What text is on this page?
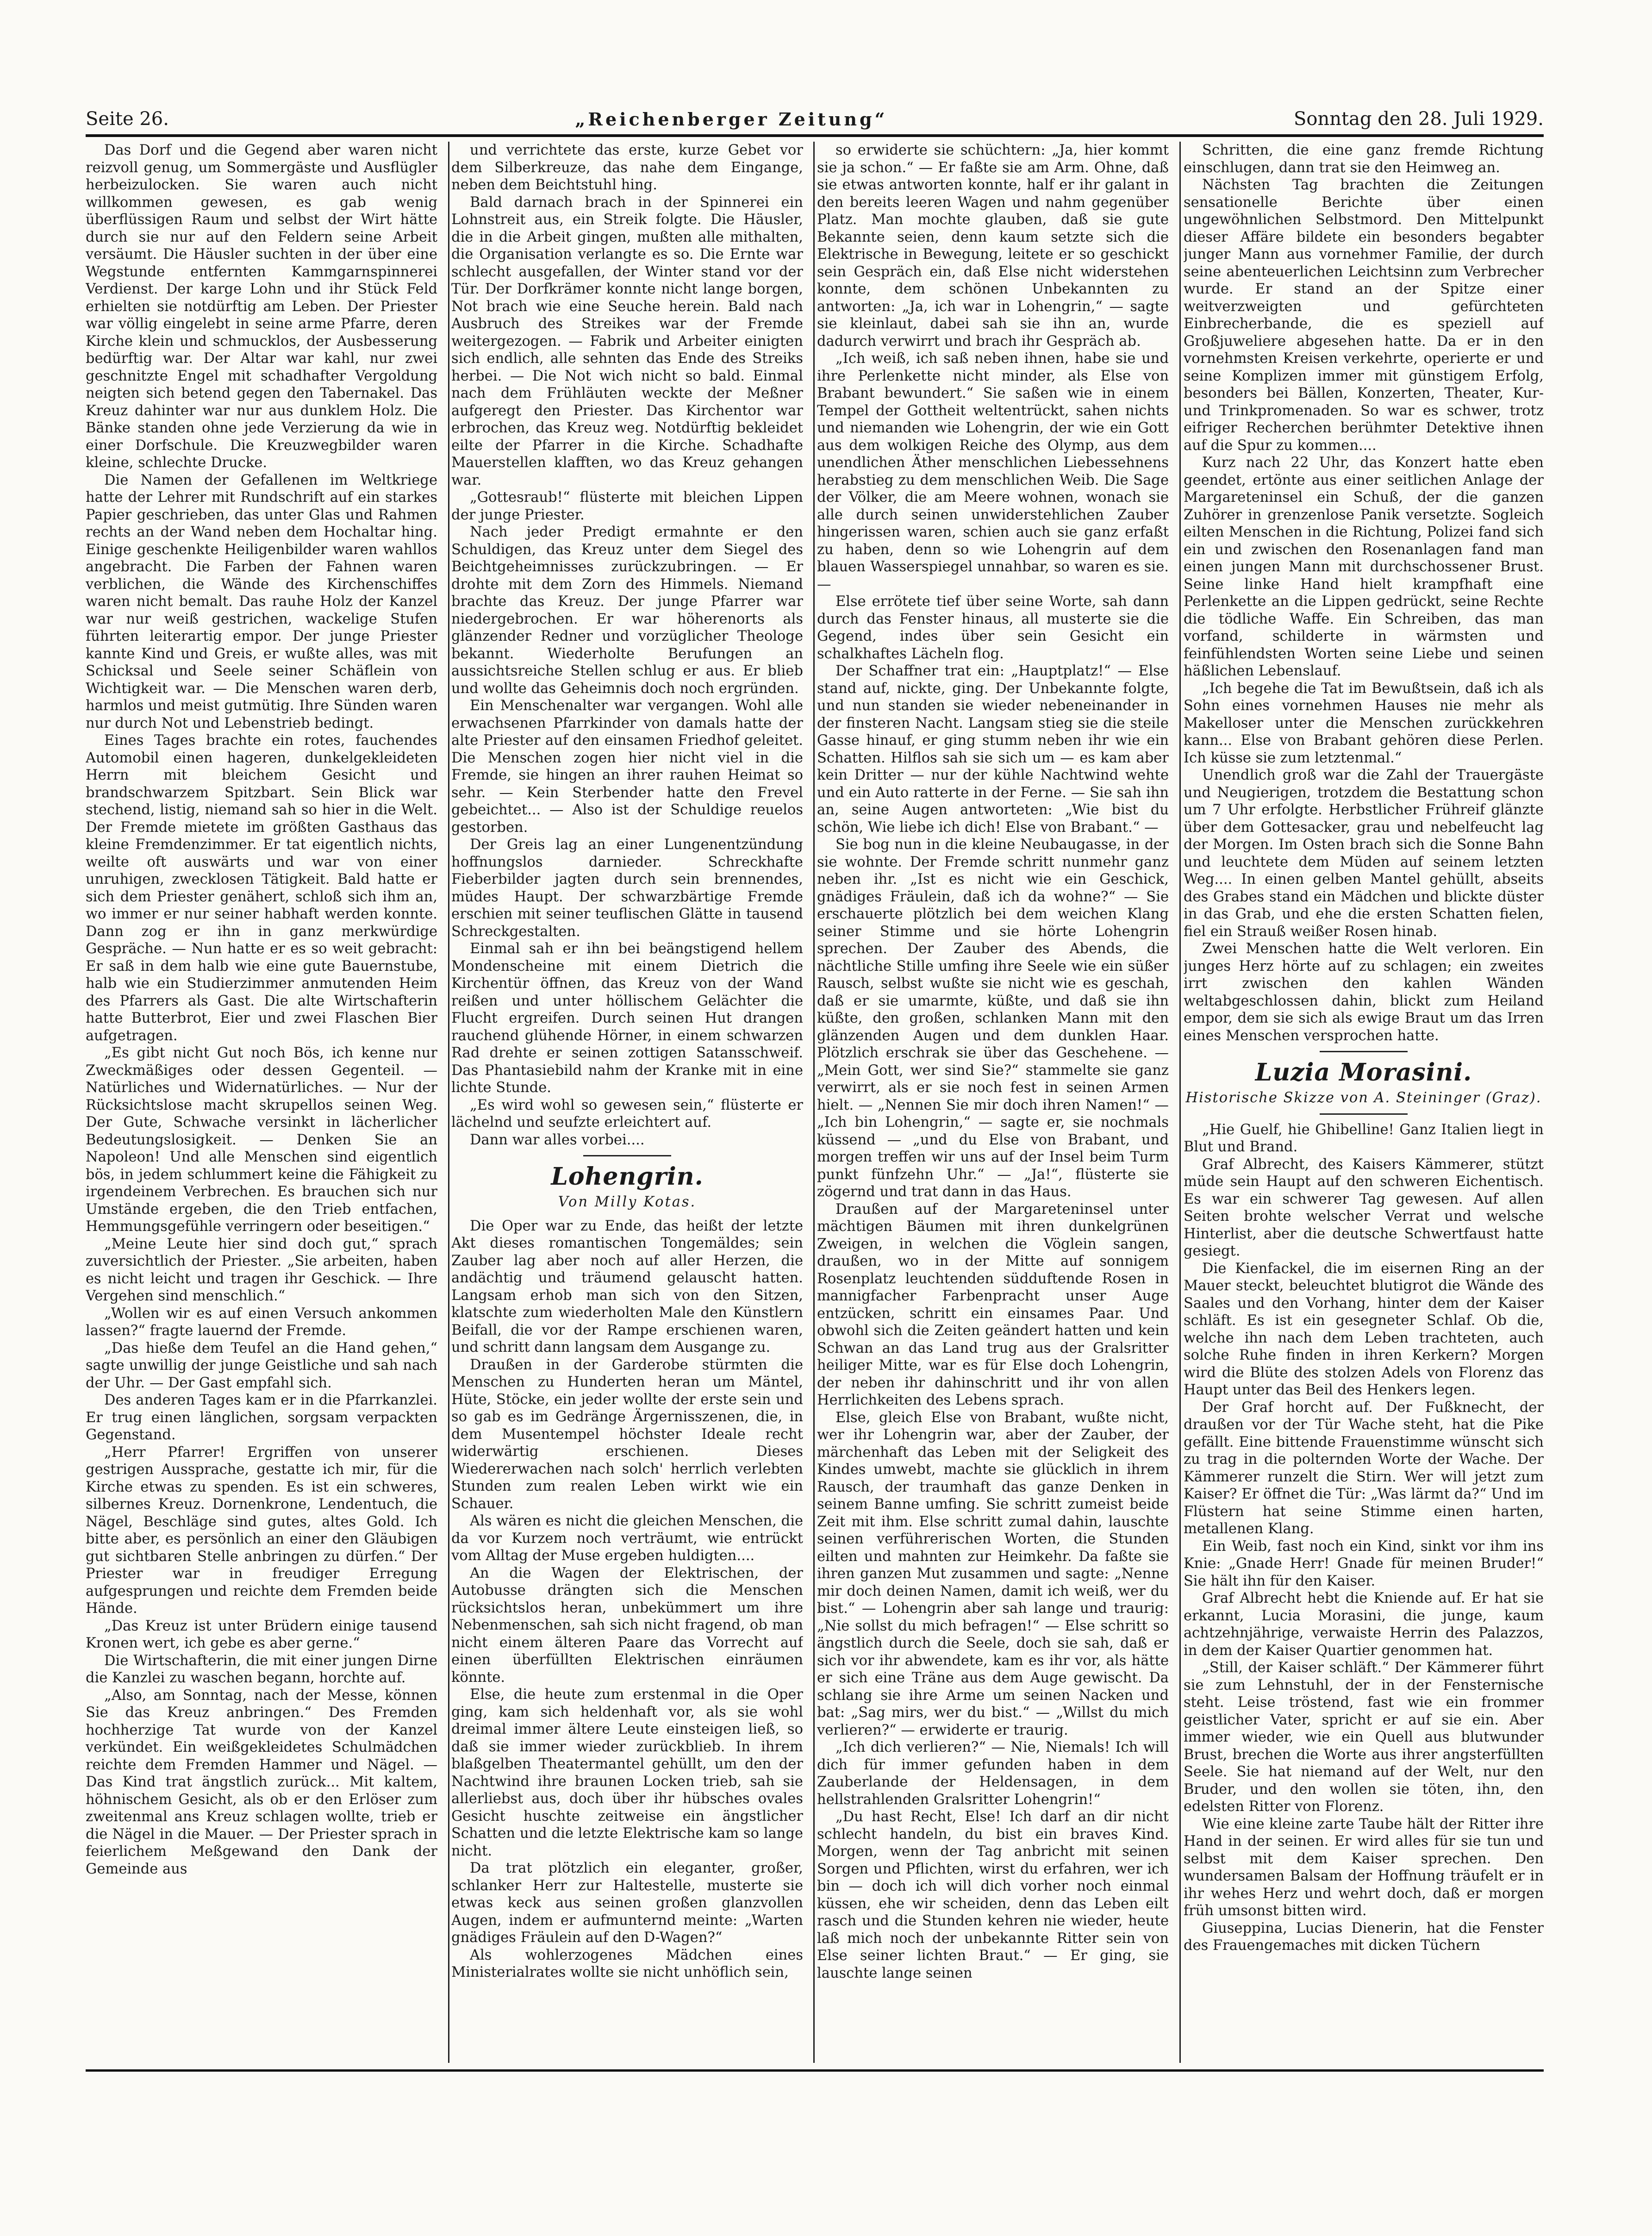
Seite 26.	„Reichenberger Zeitung“	Sonntag den 28. Juli 1929.

Das Dorf und die Gegend aber waren nicht reizvoll genug, um Sommergäste und Ausflügler herbeizulocken. Sie waren auch nicht willkommen gewesen, es gab wenig überflüssigen Raum und selbst der Wirt hätte durch sie nur auf den Feldern seine Arbeit versäumt. Die Häusler suchten in der über eine Wegstunde entfernten Kammgarnspinnerei Verdienst. Der karge Lohn und ihr Stück Feld erhielten sie notdürftig am Leben. Der Priester war völlig eingelebt in seine arme Pfarre, deren Kirche klein und schmucklos, der Ausbesserung bedürftig war. Der Altar war kahl, nur zwei geschnitzte Engel mit schadhafter Vergoldung neigten sich betend gegen den Tabernakel. Das Kreuz dahinter war nur aus dunklem Holz. Die Bänke standen ohne jede Verzierung da wie in einer Dorfschule. Die Kreuzwegbilder waren kleine, schlechte Drucke.

Die Namen der Gefallenen im Weltkriege hatte der Lehrer mit Rundschrift auf ein starkes Papier geschrieben, das unter Glas und Rahmen rechts an der Wand neben dem Hochaltar hing. Einige geschenkte Heiligenbilder waren wahllos angebracht. Die Farben der Fahnen waren verblichen, die Wände des Kirchenschiffes waren nicht bemalt. Das rauhe Holz der Kanzel war nur weiß gestrichen, wackelige Stufen führten leiterartig empor. Der junge Priester kannte Kind und Greis, er wußte alles, was mit Schicksal und Seele seiner Schäflein von Wichtigkeit war. — Die Menschen waren derb, harmlos und meist gutmütig. Ihre Sünden waren nur durch Not und Lebenstrieb bedingt.

Eines Tages brachte ein rotes, fauchendes Automobil einen hageren, dunkelgekleideten Herrn mit bleichem Gesicht und brandschwarzem Spitzbart. Sein Blick war stechend, listig, niemand sah so hier in die Welt. Der Fremde mietete im größten Gasthaus das kleine Fremdenzimmer. Er tat eigentlich nichts, weilte oft auswärts und war von einer unruhigen, zwecklosen Tätigkeit. Bald hatte er sich dem Priester genähert, schloß sich ihm an, wo immer er nur seiner habhaft werden konnte. Dann zog er ihn in ganz merkwürdige Gespräche. — Nun hatte er es so weit gebracht: Er saß in dem halb wie eine gute Bauernstube, halb wie ein Studierzimmer anmutenden Heim des Pfarrers als Gast. Die alte Wirtschafterin hatte Butterbrot, Eier und zwei Flaschen Bier aufgetragen.

„Es gibt nicht Gut noch Bös, ich kenne nur Zweckmäßiges oder dessen Gegenteil. — Natürliches und Widernatürliches. — Nur der Rücksichtslose macht skrupellos seinen Weg. Der Gute, Schwache versinkt in lächerlicher Bedeutungslosigkeit. — Denken Sie an Napoleon! Und alle Menschen sind eigentlich bös, in jedem schlummert keine die Fähigkeit zu irgendeinem Verbrechen. Es brauchen sich nur Umstände ergeben, die den Trieb entfachen, Hemmungsgefühle verringern oder beseitigen.“

„Meine Leute hier sind doch gut,“ sprach zuversichtlich der Priester. „Sie arbeiten, haben es nicht leicht und tragen ihr Geschick. — Ihre Vergehen sind menschlich.“

„Wollen wir es auf einen Versuch ankommen lassen?“ fragte lauernd der Fremde.

„Das hieße dem Teufel an die Hand gehen,“ sagte unwillig der junge Geistliche und sah nach der Uhr. — Der Gast empfahl sich.

Des anderen Tages kam er in die Pfarrkanzlei. Er trug einen länglichen, sorgsam verpackten Gegenstand.

„Herr Pfarrer! Ergriffen von unserer gestrigen Aussprache, gestatte ich mir, für die Kirche etwas zu spenden. Es ist ein schweres, silbernes Kreuz. Dornenkrone, Lendentuch, die Nägel, Beschläge sind gutes, altes Gold. Ich bitte aber, es persönlich an einer den Gläubigen gut sichtbaren Stelle anbringen zu dürfen.“ Der Priester war in freudiger Erregung aufgesprungen und reichte dem Fremden beide Hände.

„Das Kreuz ist unter Brüdern einige tausend Kronen wert, ich gebe es aber gerne.“

Die Wirtschafterin, die mit einer jungen Dirne die Kanzlei zu waschen begann, horchte auf.

„Also, am Sonntag, nach der Messe, können Sie das Kreuz anbringen.“ Des Fremden hochherzige Tat wurde von der Kanzel verkündet. Ein weißgekleidetes Schulmädchen reichte dem Fremden Hammer und Nägel. — Das Kind trat ängstlich zurück... Mit kaltem, höhnischem Gesicht, als ob er den Erlöser zum zweitenmal ans Kreuz schlagen wollte, trieb er die Nägel in die Mauer. — Der Priester sprach in feierlichem Meßgewand den Dank der Gemeinde aus

und verrichtete das erste, kurze Gebet vor dem Silberkreuze, das nahe dem Eingange, neben dem Beichtstuhl hing.

Bald darnach brach in der Spinnerei ein Lohnstreit aus, ein Streik folgte. Die Häusler, die in die Arbeit gingen, mußten alle mithalten, die Organisation verlangte es so. Die Ernte war schlecht ausgefallen, der Winter stand vor der Tür. Der Dorfkrämer konnte nicht lange borgen, Not brach wie eine Seuche herein. Bald nach Ausbruch des Streikes war der Fremde weitergezogen. — Fabrik und Arbeiter einigten sich endlich, alle sehnten das Ende des Streiks herbei. — Die Not wich nicht so bald. Einmal nach dem Frühläuten weckte der Meßner aufgeregt den Priester. Das Kirchentor war erbrochen, das Kreuz weg. Notdürftig bekleidet eilte der Pfarrer in die Kirche. Schadhafte Mauerstellen klafften, wo das Kreuz gehangen war.

„Gottesraub!“ flüsterte mit bleichen Lippen der junge Priester.

Nach jeder Predigt ermahnte er den Schuldigen, das Kreuz unter dem Siegel des Beichtgeheimnisses zurückzubringen. — Er drohte mit dem Zorn des Himmels. Niemand brachte das Kreuz. Der junge Pfarrer war niedergebrochen. Er war höherenorts als glänzender Redner und vorzüglicher Theologe bekannt. Wiederholte Berufungen an aussichtsreiche Stellen schlug er aus. Er blieb und wollte das Geheimnis doch noch ergründen.

Ein Menschenalter war vergangen. Wohl alle erwachsenen Pfarrkinder von damals hatte der alte Priester auf den einsamen Friedhof geleitet. Die Menschen zogen hier nicht viel in die Fremde, sie hingen an ihrer rauhen Heimat so sehr. — Kein Sterbender hatte den Frevel gebeichtet... — Also ist der Schuldige reuelos gestorben.

Der Greis lag an einer Lungenentzündung hoffnungslos darnieder. Schreckhafte Fieberbilder jagten durch sein brennendes, müdes Haupt. Der schwarzbärtige Fremde erschien mit seiner teuflischen Glätte in tausend Schreckgestalten.

Einmal sah er ihn bei beängstigend hellem Mondenscheine mit einem Dietrich die Kirchentür öffnen, das Kreuz von der Wand reißen und unter höllischem Gelächter die Flucht ergreifen. Durch seinen Hut drangen rauchend glühende Hörner, in einem schwarzen Rad drehte er seinen zottigen Satansschweif. Das Phantasiebild nahm der Kranke mit in eine lichte Stunde.

„Es wird wohl so gewesen sein,“ flüsterte er lächelnd und seufzte erleichtert auf.

Dann war alles vorbei....

Lohengrin.

Von Milly Kotas.

Die Oper war zu Ende, das heißt der letzte Akt dieses romantischen Tongemäldes; sein Zauber lag aber noch auf aller Herzen, die andächtig und träumend gelauscht hatten. Langsam erhob man sich von den Sitzen, klatschte zum wiederholten Male den Künstlern Beifall, die vor der Rampe erschienen waren, und schritt dann langsam dem Ausgange zu.

Draußen in der Garderobe stürmten die Menschen zu Hunderten heran um Mäntel, Hüte, Stöcke, ein jeder wollte der erste sein und so gab es im Gedränge Ärgernisszenen, die, in dem Musentempel höchster Ideale recht widerwärtig erschienen. Dieses Wiedererwachen nach solch' herrlich verlebten Stunden zum realen Leben wirkt wie ein Schauer.

Als wären es nicht die gleichen Menschen, die da vor Kurzem noch verträumt, wie entrückt vom Alltag der Muse ergeben huldigten....

An die Wagen der Elektrischen, der Autobusse drängten sich die Menschen rücksichtslos heran, unbekümmert um ihre Nebenmenschen, sah sich nicht fragend, ob man nicht einem älteren Paare das Vorrecht auf einen überfüllten Elektrischen einräumen könnte.

Else, die heute zum erstenmal in die Oper ging, kam sich heldenhaft vor, als sie wohl dreimal immer ältere Leute einsteigen ließ, so daß sie immer wieder zurückblieb. In ihrem blaßgelben Theatermantel gehüllt, um den der Nachtwind ihre braunen Locken trieb, sah sie allerliebst aus, doch über ihr hübsches ovales Gesicht huschte zeitweise ein ängstlicher Schatten und die letzte Elektrische kam so lange nicht.

Da trat plötzlich ein eleganter, großer, schlanker Herr zur Haltestelle, musterte sie etwas keck aus seinen großen glanzvollen Augen, indem er aufmunternd meinte: „Warten gnädiges Fräulein auf den D-Wagen?“

Als wohlerzogenes Mädchen eines Ministerialrates wollte sie nicht unhöflich sein,

so erwiderte sie schüchtern: „Ja, hier kommt sie ja schon.“ — Er faßte sie am Arm. Ohne, daß sie etwas antworten konnte, half er ihr galant in den bereits leeren Wagen und nahm gegenüber Platz. Man mochte glauben, daß sie gute Bekannte seien, denn kaum setzte sich die Elektrische in Bewegung, leitete er so geschickt sein Gespräch ein, daß Else nicht widerstehen konnte, dem schönen Unbekannten zu antworten: „Ja, ich war in Lohengrin,“ — sagte sie kleinlaut, dabei sah sie ihn an, wurde dadurch verwirrt und brach ihr Gespräch ab.

„Ich weiß, ich saß neben ihnen, habe sie und ihre Perlenkette nicht minder, als Else von Brabant bewundert.“ Sie saßen wie in einem Tempel der Gottheit weltentrückt, sahen nichts und niemanden wie Lohengrin, der wie ein Gott aus dem wolkigen Reiche des Olymp, aus dem unendlichen Äther menschlichen Liebessehnens herabstieg zu dem menschlichen Weib. Die Sage der Völker, die am Meere wohnen, wonach sie alle durch seinen unwiderstehlichen Zauber hingerissen waren, schien auch sie ganz erfaßt zu haben, denn so wie Lohengrin auf dem blauen Wasserspiegel unnahbar, so waren es sie. —

Else errötete tief über seine Worte, sah dann durch das Fenster hinaus, all musterte sie die Gegend, indes über sein Gesicht ein schalkhaftes Lächeln flog.

Der Schaffner trat ein: „Hauptplatz!“ — Else stand auf, nickte, ging. Der Unbekannte folgte, und nun standen sie wieder nebeneinander in der finsteren Nacht. Langsam stieg sie die steile Gasse hinauf, er ging stumm neben ihr wie ein Schatten. Hilflos sah sie sich um — es kam aber kein Dritter — nur der kühle Nachtwind wehte und ein Auto ratterte in der Ferne. — Sie sah ihn an, seine Augen antworteten: „Wie bist du schön, Wie liebe ich dich! Else von Brabant.“ —

Sie bog nun in die kleine Neubaugasse, in der sie wohnte. Der Fremde schritt nunmehr ganz neben ihr. „Ist es nicht wie ein Geschick, gnädiges Fräulein, daß ich da wohne?“ — Sie erschauerte plötzlich bei dem weichen Klang seiner Stimme und sie hörte Lohengrin sprechen. Der Zauber des Abends, die nächtliche Stille umfing ihre Seele wie ein süßer Rausch, selbst wußte sie nicht wie es geschah, daß er sie umarmte, küßte, und daß sie ihn küßte, den großen, schlanken Mann mit den glänzenden Augen und dem dunklen Haar. Plötzlich erschrak sie über das Geschehene. — „Mein Gott, wer sind Sie?“ stammelte sie ganz verwirrt, als er sie noch fest in seinen Armen hielt. — „Nennen Sie mir doch ihren Namen!“ — „Ich bin Lohengrin,“ — sagte er, sie nochmals küssend — „und du Else von Brabant, und morgen treffen wir uns auf der Insel beim Turm punkt fünfzehn Uhr.“ — „Ja!“, flüsterte sie zögernd und trat dann in das Haus.

Draußen auf der Margareteninsel unter mächtigen Bäumen mit ihren dunkelgrünen Zweigen, in welchen die Vöglein sangen, draußen, wo in der Mitte auf sonnigem Rosenplatz leuchtenden südduftende Rosen in mannigfacher Farbenpracht unser Auge entzücken, schritt ein einsames Paar. Und obwohl sich die Zeiten geändert hatten und kein Schwan an das Land trug aus der Gralsritter heiliger Mitte, war es für Else doch Lohengrin, der neben ihr dahinschritt und ihr von allen Herrlichkeiten des Lebens sprach.

Else, gleich Else von Brabant, wußte nicht, wer ihr Lohengrin war, aber der Zauber, der märchenhaft das Leben mit der Seligkeit des Kindes umwebt, machte sie glücklich in ihrem Rausch, der traumhaft das ganze Denken in seinem Banne umfing. Sie schritt zumeist beide Zeit mit ihm. Else schritt zumal dahin, lauschte seinen verführerischen Worten, die Stunden eilten und mahnten zur Heimkehr. Da faßte sie ihren ganzen Mut zusammen und sagte: „Nenne mir doch deinen Namen, damit ich weiß, wer du bist.“ — Lohengrin aber sah lange und traurig: „Nie sollst du mich befragen!“ — Else schritt so ängstlich durch die Seele, doch sie sah, daß er sich vor ihr abwendete, kam es ihr vor, als hätte er sich eine Träne aus dem Auge gewischt. Da schlang sie ihre Arme um seinen Nacken und bat: „Sag mirs, wer du bist.“ — „Willst du mich verlieren?“ — erwiderte er traurig.

„Ich dich verlieren?“ — Nie, Niemals! Ich will dich für immer gefunden haben in dem Zauberlande der Heldensagen, in dem hellstrahlenden Gralsritter Lohengrin!“

„Du hast Recht, Else! Ich darf an dir nicht schlecht handeln, du bist ein braves Kind. Morgen, wenn der Tag anbricht mit seinen Sorgen und Pflichten, wirst du erfahren, wer ich bin — doch ich will dich vorher noch einmal küssen, ehe wir scheiden, denn das Leben eilt rasch und die Stunden kehren nie wieder, heute laß mich noch der unbekannte Ritter sein von Else seiner lichten Braut.“ — Er ging, sie lauschte lange seinen

Schritten, die eine ganz fremde Richtung einschlugen, dann trat sie den Heimweg an.

Nächsten Tag brachten die Zeitungen sensationelle Berichte über einen ungewöhnlichen Selbstmord. Den Mittelpunkt dieser Affäre bildete ein besonders begabter junger Mann aus vornehmer Familie, der durch seine abenteuerlichen Leichtsinn zum Verbrecher wurde. Er stand an der Spitze einer weitverzweigten und gefürchteten Einbrecherbande, die es speziell auf Großjuweliere abgesehen hatte. Da er in den vornehmsten Kreisen verkehrte, operierte er und seine Komplizen immer mit günstigem Erfolg, besonders bei Bällen, Konzerten, Theater, Kur- und Trinkpromenaden. So war es schwer, trotz eifriger Recherchen berühmter Detektive ihnen auf die Spur zu kommen....

Kurz nach 22 Uhr, das Konzert hatte eben geendet, ertönte aus einer seitlichen Anlage der Margareteninsel ein Schuß, der die ganzen Zuhörer in grenzenlose Panik versetzte. Sogleich eilten Menschen in die Richtung, Polizei fand sich ein und zwischen den Rosenanlagen fand man einen jungen Mann mit durchschossener Brust. Seine linke Hand hielt krampfhaft eine Perlenkette an die Lippen gedrückt, seine Rechte die tödliche Waffe. Ein Schreiben, das man vorfand, schilderte in wärmsten und feinfühlendsten Worten seine Liebe und seinen häßlichen Lebenslauf.

„Ich begehe die Tat im Bewußtsein, daß ich als Sohn eines vornehmen Hauses nie mehr als Makelloser unter die Menschen zurückkehren kann... Else von Brabant gehören diese Perlen. Ich küsse sie zum letztenmal.“

Unendlich groß war die Zahl der Trauergäste und Neugierigen, trotzdem die Bestattung schon um 7 Uhr erfolgte. Herbstlicher Frühreif glänzte über dem Gottesacker, grau und nebelfeucht lag der Morgen. Im Osten brach sich die Sonne Bahn und leuchtete dem Müden auf seinem letzten Weg.... In einen gelben Mantel gehüllt, abseits des Grabes stand ein Mädchen und blickte düster in das Grab, und ehe die ersten Schatten fielen, fiel ein Strauß weißer Rosen hinab.

Zwei Menschen hatte die Welt verloren. Ein junges Herz hörte auf zu schlagen; ein zweites irrt zwischen den kahlen Wänden weltabgeschlossen dahin, blickt zum Heiland empor, dem sie sich als ewige Braut um das Irren eines Menschen versprochen hatte.

Luzia Morasini.

Historische Skizze von A. Steininger (Graz).

„Hie Guelf, hie Ghibelline! Ganz Italien liegt in Blut und Brand.

Graf Albrecht, des Kaisers Kämmerer, stützt müde sein Haupt auf den schweren Eichentisch. Es war ein schwerer Tag gewesen. Auf allen Seiten brohte welscher Verrat und welsche Hinterlist, aber die deutsche Schwertfaust hatte gesiegt.

Die Kienfackel, die im eisernen Ring an der Mauer steckt, beleuchtet blutigrot die Wände des Saales und den Vorhang, hinter dem der Kaiser schläft. Es ist ein gesegneter Schlaf. Ob die, welche ihn nach dem Leben trachteten, auch solche Ruhe finden in ihren Kerkern? Morgen wird die Blüte des stolzen Adels von Florenz das Haupt unter das Beil des Henkers legen.

Der Graf horcht auf. Der Fußknecht, der draußen vor der Tür Wache steht, hat die Pike gefällt. Eine bittende Frauenstimme wünscht sich zu trag in die polternden Worte der Wache. Der Kämmerer runzelt die Stirn. Wer will jetzt zum Kaiser? Er öffnet die Tür: „Was lärmt da?“ Und im Flüstern hat seine Stimme einen harten, metallenen Klang.

Ein Weib, fast noch ein Kind, sinkt vor ihm ins Knie: „Gnade Herr! Gnade für meinen Bruder!“ Sie hält ihn für den Kaiser.

Graf Albrecht hebt die Kniende auf. Er hat sie erkannt, Lucia Morasini, die junge, kaum achtzehnjährige, verwaiste Herrin des Palazzos, in dem der Kaiser Quartier genommen hat.

„Still, der Kaiser schläft.“ Der Kämmerer führt sie zum Lehnstuhl, der in der Fensternische steht. Leise tröstend, fast wie ein frommer geistlicher Vater, spricht er auf sie ein. Aber immer wieder, wie ein Quell aus blutwunder Brust, brechen die Worte aus ihrer angsterfüllten Seele. Sie hat niemand auf der Welt, nur den Bruder, und den wollen sie töten, ihn, den edelsten Ritter von Florenz.

Wie eine kleine zarte Taube hält der Ritter ihre Hand in der seinen. Er wird alles für sie tun und selbst mit dem Kaiser sprechen. Den wundersamen Balsam der Hoffnung träufelt er in ihr wehes Herz und wehrt doch, daß er morgen früh umsonst bitten wird.

Giuseppina, Lucias Dienerin, hat die Fenster des Frauengemaches mit dicken Tüchern
